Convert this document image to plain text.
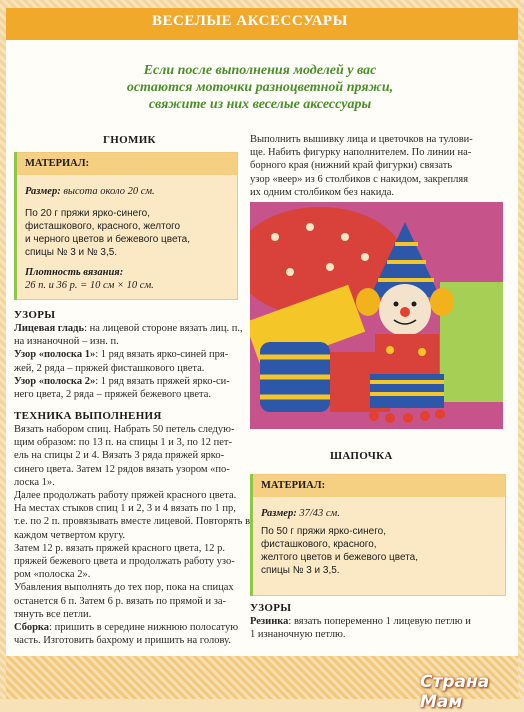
ВЕСЕЛЫЕ АКСЕССУАРЫ
Если после выполнения моделей у вас
остаются моточки разноцветной пряжи,
свяжите из них веселые аксессуары
ГНОМИК
МАТЕРИАЛ:
Размер: высота около 20 см.
По 20 г пряжи ярко-синего,
фисташкового, красного, желтого
и черного цветов и бежевого цвета,
спицы № 3 и № 3,5.
Плотность вязания:
26 п. и 36 р. = 10 см × 10 см.
УЗОРЫ
Лицевая гладь: на лицевой стороне вязать лиц. п.,
на изнаночной – изн. п.
Узор «полоска 1»: 1 ряд вязать ярко-синей пря-
жей, 2 ряда – пряжей фисташкового цвета.
Узор «полоска 2»: 1 ряд вязать пряжей ярко-си-
него цвета, 2 ряда – пряжей бежевого цвета.
ТЕХНИКА ВЫПОЛНЕНИЯ
Вязать набором спиц. Набрать 50 петель следую-
щим образом: по 13 п. на спицы 1 и 3, по 12 пет-
ель на спицы 2 и 4. Вязать 3 ряда пряжей ярко-
синего цвета. Затем 12 рядов вязать узором «по-
лоска 1».
Далее продолжать работу пряжей красного цвета.
На местах стыков спиц 1 и 2, 3 и 4 вязать по 1 пр,
т.е. по 2 п. провязывать вместе лицевой. Повторять в
каждом четвертом кругу.
Затем 12 р. вязать пряжей красного цвета, 12 р.
пряжей бежевого цвета и продолжать работу узо-
ром «полоска 2».
Убавления выполнять до тех пор, пока на спицах
останется 6 п. Затем 6 р. вязать по прямой и за-
тянуть все петли.
Сборка: пришить в середине нижнюю полосатую
часть. Изготовить бахрому и пришить на голову.
Выполнить вышивку лица и цветочков на тулови-
ще. Набить фигурку наполнителем. По линии на-
борного края (нижний край фигурки) связать
узор «веер» из 6 столбиков с накидом, закрепляя
их одним столбиком без накида.
ШАПОЧКА
МАТЕРИАЛ:
Размер: 37/43 см.
По 50 г пряжи ярко-синего,
фисташкового, красного,
желтого цветов и бежевого цвета,
спицы № 3 и 3,5.
УЗОРЫ
Резинка: вязать попеременно 1 лицевую петлю и
1 изнаночную петлю.
Страна Мам
